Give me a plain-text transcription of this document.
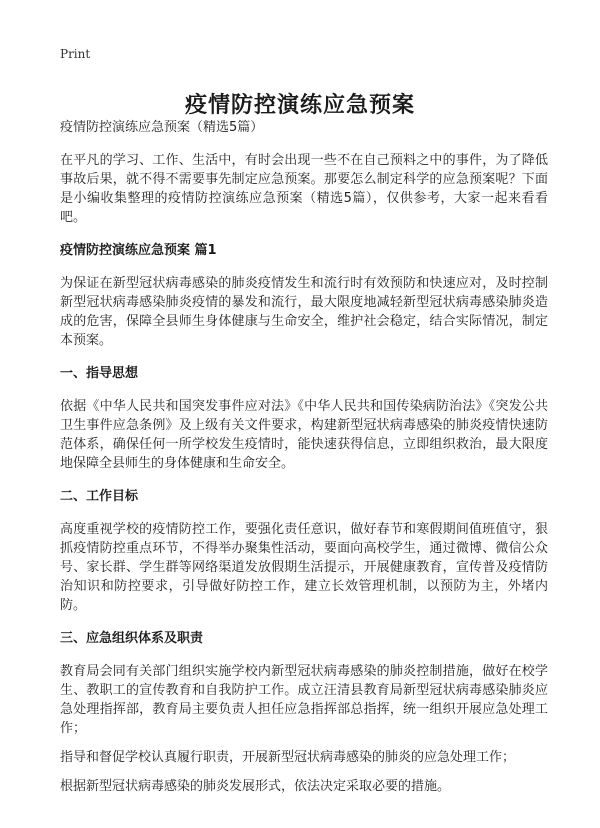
Print
疫情防控演练应急预案

疫情防控演练应急预案（精选5篇）

在平凡的学习、工作、生活中，有时会出现一些不在自己预料之中的事件，为了降低事故后果，就不得不需要事先制定应急预案。那要怎么制定科学的应急预案呢？下面是小编收集整理的疫情防控演练应急预案（精选5篇），仅供参考，大家一起来看看吧。

疫情防控演练应急预案 篇1

为保证在新型冠状病毒感染的肺炎疫情发生和流行时有效预防和快速应对，及时控制新型冠状病毒感染肺炎疫情的暴发和流行，最大限度地减轻新型冠状病毒感染肺炎造成的危害，保障全县师生身体健康与生命安全，维护社会稳定，结合实际情况，制定本预案。

一、指导思想

依据《中华人民共和国突发事件应对法》《中华人民共和国传染病防治法》《突发公共卫生事件应急条例》及上级有关文件要求，构建新型冠状病毒感染的肺炎疫情快速防范体系，确保任何一所学校发生疫情时，能快速获得信息，立即组织救治，最大限度地保障全县师生的身体健康和生命安全。

二、工作目标

高度重视学校的疫情防控工作，要强化责任意识，做好春节和寒假期间值班值守，狠抓疫情防控重点环节，不得举办聚集性活动，要面向高校学生，通过微博、微信公众号、家长群、学生群等网络渠道发放假期生活提示，开展健康教育，宣传普及疫情防治知识和防控要求，引导做好防控工作，建立长效管理机制，以预防为主，外堵内防。

三、应急组织体系及职责

教育局会同有关部门组织实施学校内新型冠状病毒感染的肺炎控制措施，做好在校学生、教职工的宣传教育和自我防护工作。成立汪清县教育局新型冠状病毒感染肺炎应急处理指挥部，教育局主要负责人担任应急指挥部总指挥，统一组织开展应急处理工作；

指导和督促学校认真履行职责，开展新型冠状病毒感染的肺炎的应急处理工作；

根据新型冠状病毒感染的肺炎发展形式，依法决定采取必要的措施。
